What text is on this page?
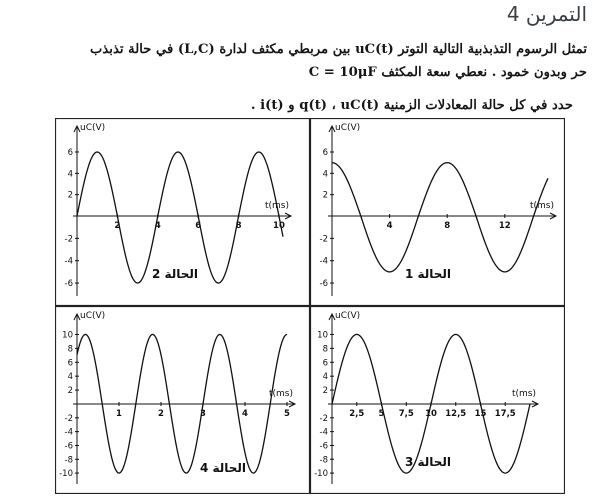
التمرين 4
تمثل الرسوم التذبذبية التالية التوتر uC(t) بين مربطي مكثف لدارة (L,C) في حالة تذبذب
حر وبدون خمود . نعطي سعة المكثف C = 10μF
حدد في كل حالة المعادلات الزمنية q(t) ، uC(t) و i(t) .
uC(V)
t(ms)
2	4	6	8	10
-6
-4
-2
2
4
6
الحالة 2
uC(V)
t(ms)
4	8	12
-6
-4
-2
2
4
6
الحالة 1
uC(V)
t(ms)
1	2	3	4	5
-10
-8
-6
-4
-2
2
4
6
8
10
الحالة 4
uC(V)
t(ms)
2,5 5 7,5 10 12,5 15 17,5
-10
-8
-6
-4
-2
2
4
6
8
10
الحالة 3
